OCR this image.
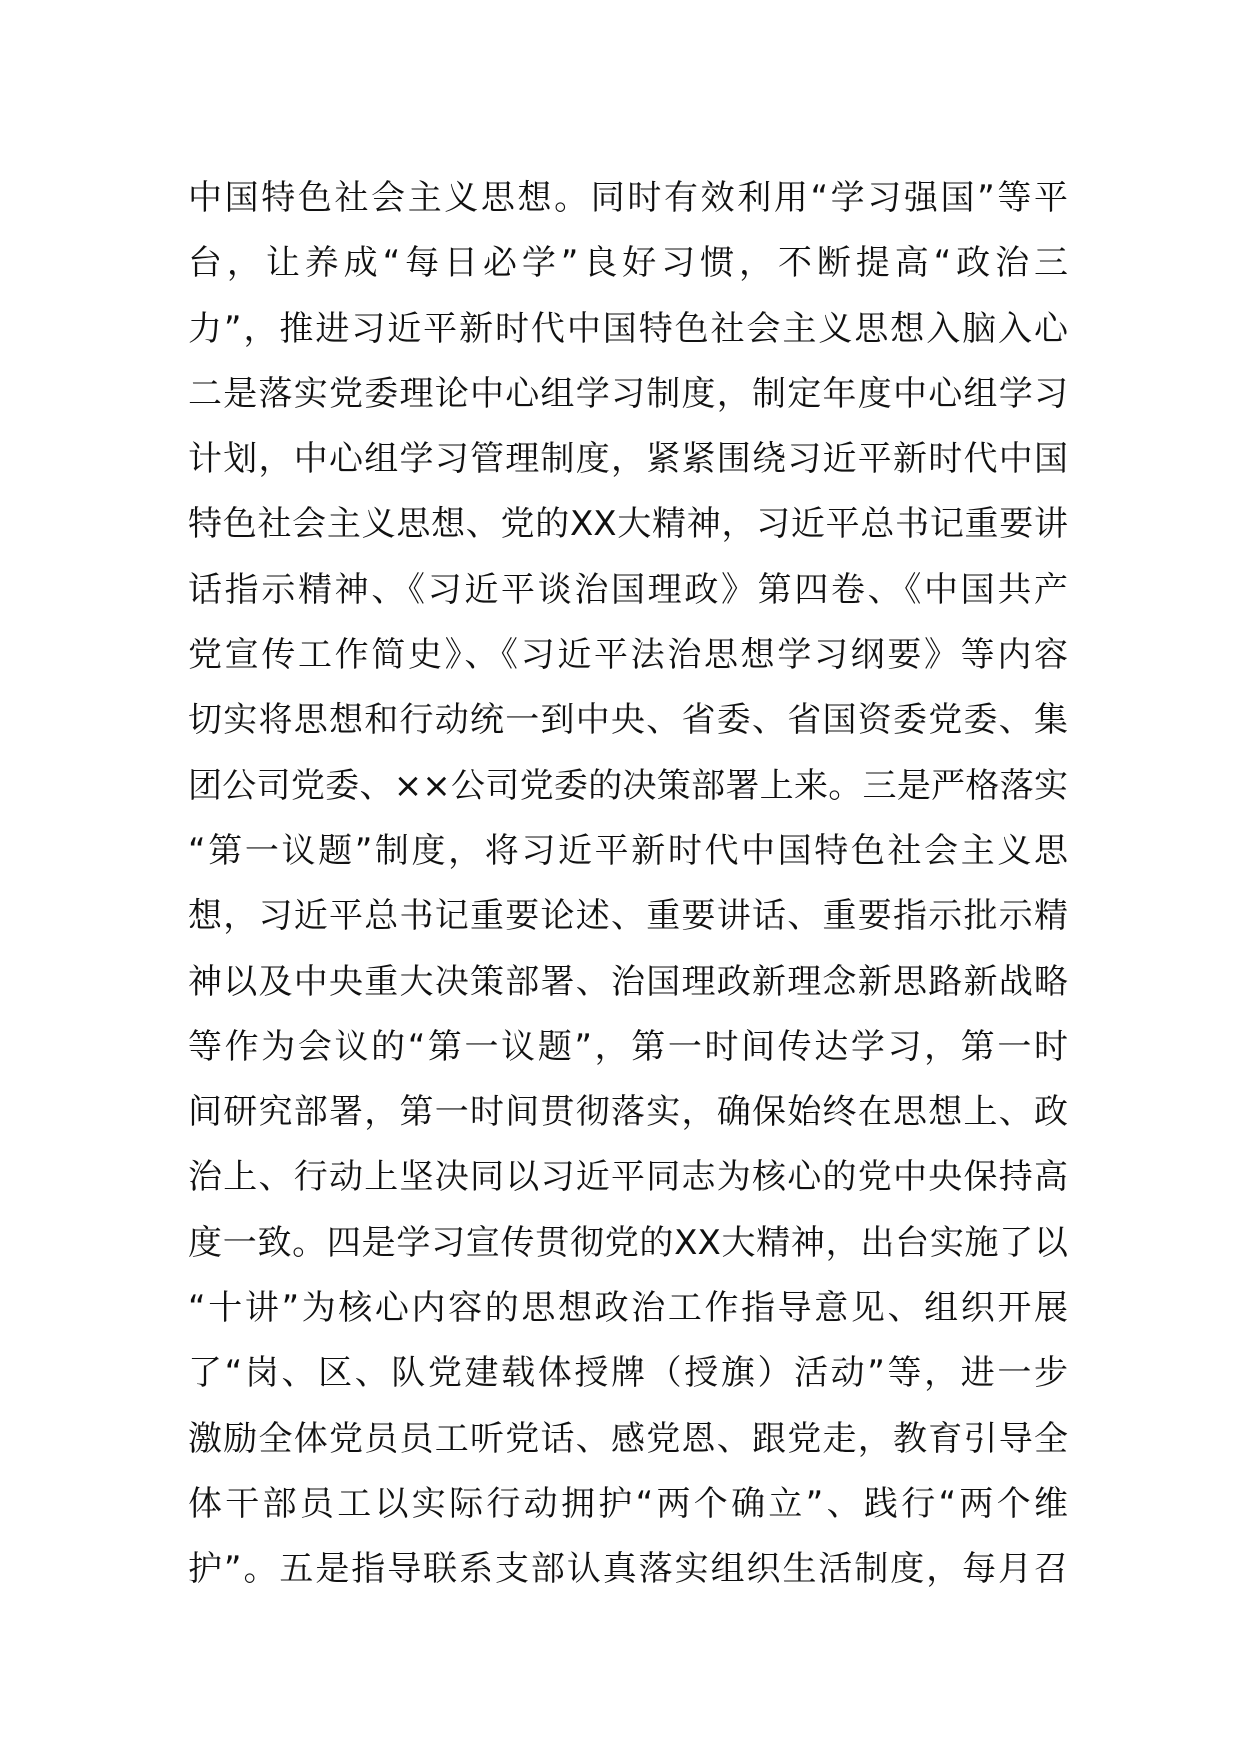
中国特色社会主义思想。同时有效利用“学习强国”等平
台，让养成“每日必学”良好习惯，不断提高“政治三
力”，推进习近平新时代中国特色社会主义思想入脑入心
二是落实党委理论中心组学习制度，制定年度中心组学习
计划，中心组学习管理制度，紧紧围绕习近平新时代中国
特色社会主义思想、党的XX大精神，习近平总书记重要讲
话指示精神、《习近平谈治国理政》第四卷、《中国共产
党宣传工作简史》、《习近平法治思想学习纲要》等内容
切实将思想和行动统一到中央、省委、省国资委党委、集
团公司党委、××公司党委的决策部署上来。三是严格落实
“第一议题”制度，将习近平新时代中国特色社会主义思
想，习近平总书记重要论述、重要讲话、重要指示批示精
神以及中央重大决策部署、治国理政新理念新思路新战略
等作为会议的“第一议题”，第一时间传达学习，第一时
间研究部署，第一时间贯彻落实，确保始终在思想上、政
治上、行动上坚决同以习近平同志为核心的党中央保持高
度一致。四是学习宣传贯彻党的XX大精神，出台实施了以
“十讲”为核心内容的思想政治工作指导意见、组织开展
了“岗、区、队党建载体授牌（授旗）活动”等，进一步
激励全体党员员工听党话、感党恩、跟党走，教育引导全
体干部员工以实际行动拥护“两个确立”、践行“两个维
护”。五是指导联系支部认真落实组织生活制度，每月召
